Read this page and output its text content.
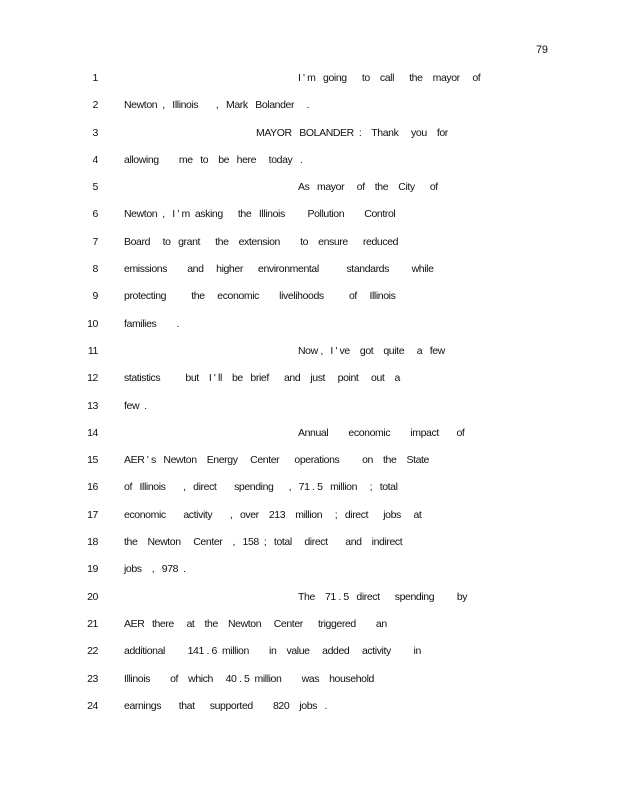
79
1	I ' m   going      to    call      the    mayor     of
2 Newton  ,   Illinois       ,   Mark   Bolander     .
3	MAYOR   BOLANDER  :    Thank     you    for
4 allowing        me   to    be   here     today   .
5	As   mayor     of    the    City      of
6 Newton  ,   I ' m  asking      the   Illinois         Pollution        Control
7 Board     to   grant      the    extension        to    ensure      reduced
8 emissions        and     higher      environmental           standards         while
9 protecting          the     economic        livelihoods          of     Illinois
10 families        .
11	Now ,   I ' ve    got    quite     a   few
12 statistics          but    I ' ll    be   brief      and    just     point     out    a
13 few  .
14	Annual        economic        impact       of
15 AER ' s   Newton    Energy     Center      operations         on    the    State
16 of   Illinois       ,   direct       spending      ,   71 . 5   million     ;   total
17 economic       activity       ,   over    213    million     ;   direct      jobs     at
18 the    Newton     Center    ,   158  ;   total     direct       and    indirect
19 jobs    ,   978  .
20	The    71 . 5   direct      spending         by
21 AER   there     at    the    Newton     Center      triggered        an
22 additional         141 . 6  million        in    value     added     activity         in
23 Illinois        of    which     40 . 5  million        was    household
24 earnings       that      supported        820    jobs   .
